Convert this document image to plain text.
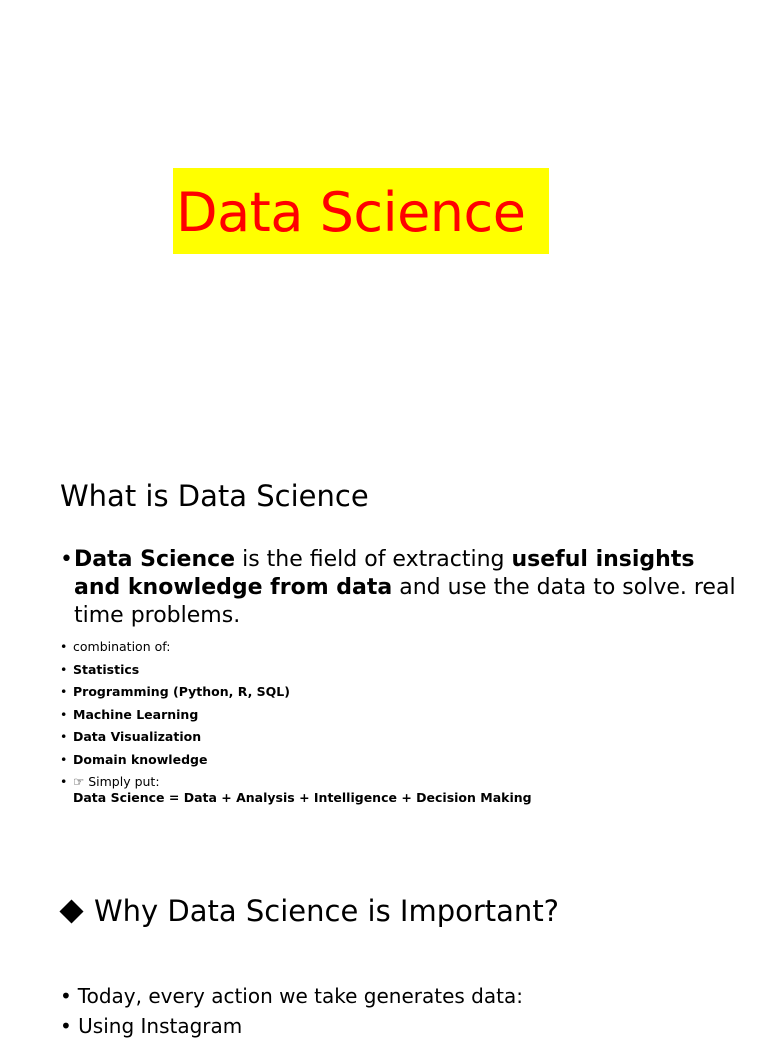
Data Science
What is Data Science
• Data Science is the field of extracting useful insights and knowledge from data and use the data to solve. real time problems.
• combination of:
• Statistics
• Programming (Python, R, SQL)
• Machine Learning
• Data Visualization
• Domain knowledge
• ☞ Simply put:
Data Science = Data + Analysis + Intelligence + Decision Making
Why Data Science is Important?
• Today, every action we take generates data:
• Using Instagram
